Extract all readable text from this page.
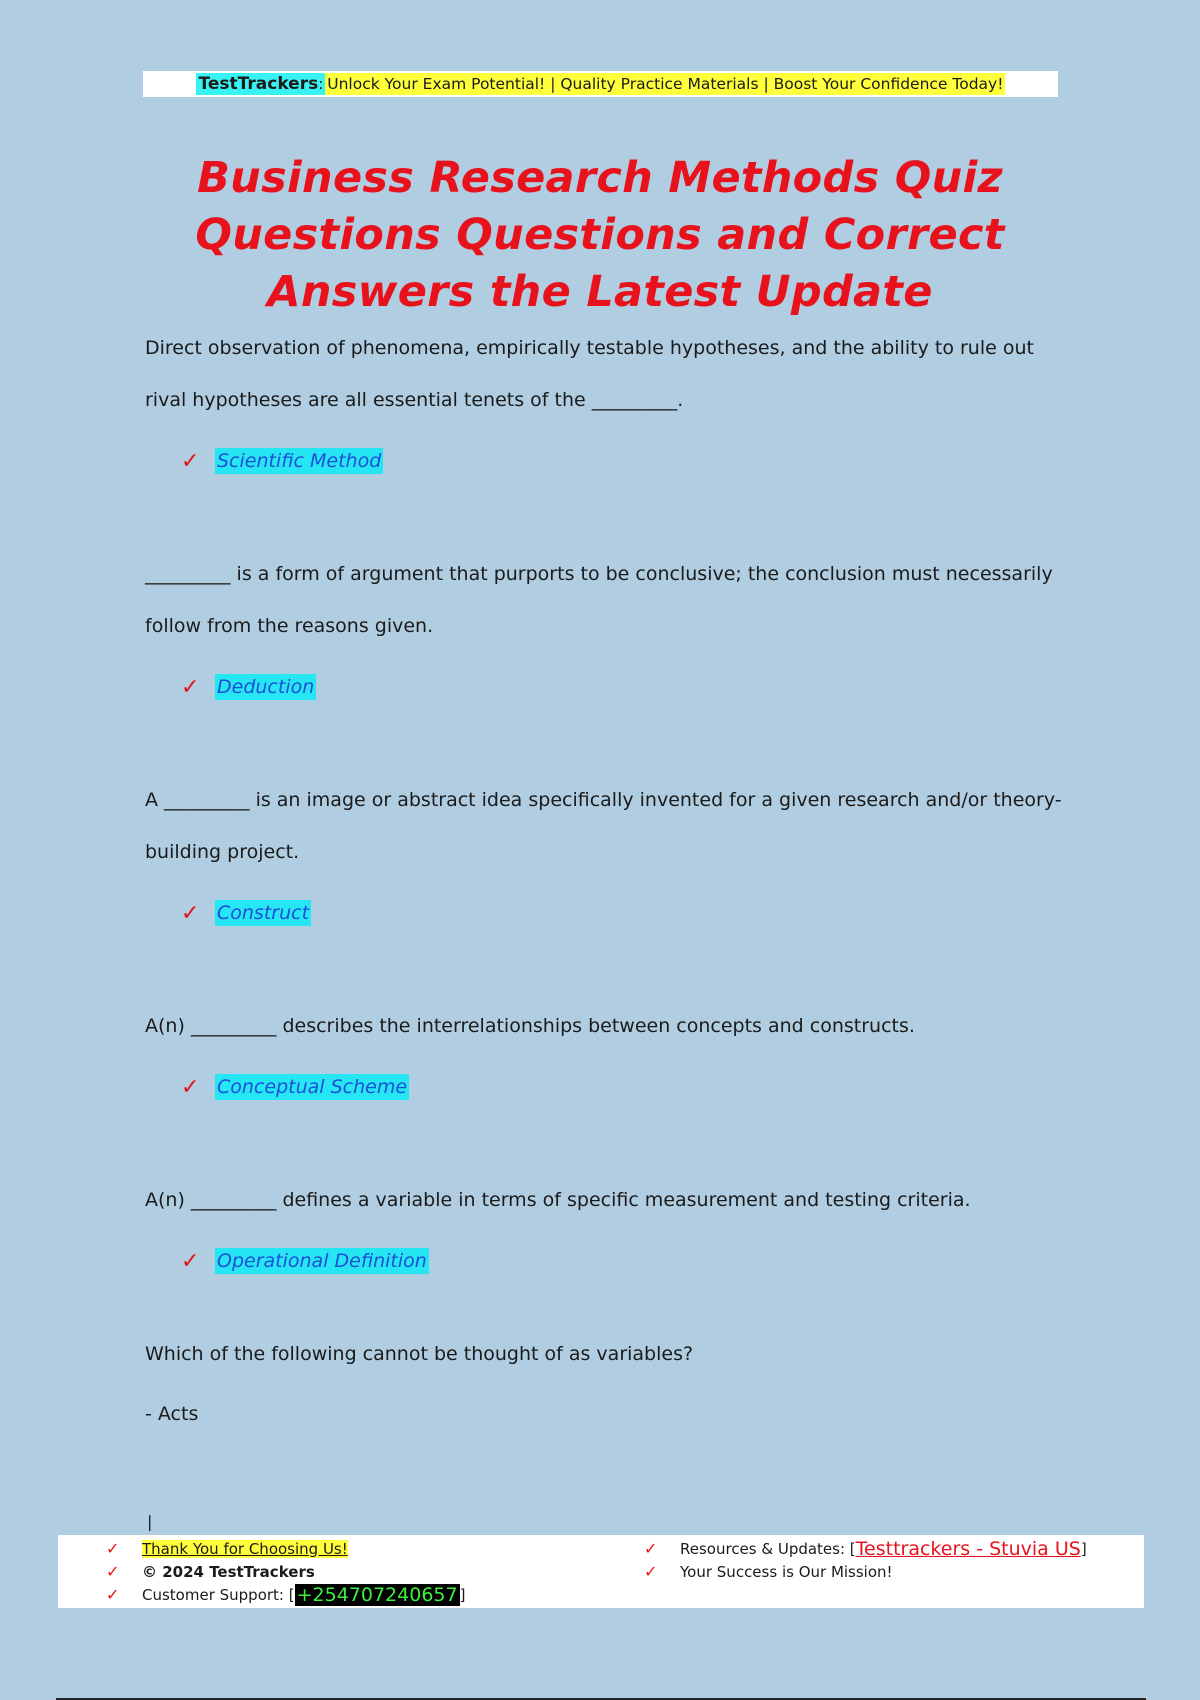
TestTrackers: Unlock Your Exam Potential! | Quality Practice Materials | Boost Your Confidence Today!
Business Research Methods Quiz Questions Questions and Correct Answers the Latest Update

Direct observation of phenomena, empirically testable hypotheses, and the ability to rule out rival hypotheses are all essential tenets of the _________.

✓ Scientific Method

_________ is a form of argument that purports to be conclusive; the conclusion must necessarily follow from the reasons given.

✓ Deduction

A _________ is an image or abstract idea specifically invented for a given research and/or theory-building project.

✓ Construct

A(n) _________ describes the interrelationships between concepts and constructs.

✓ Conceptual Scheme

A(n) _________ defines a variable in terms of specific measurement and testing criteria.

✓ Operational Definition

Which of the following cannot be thought of as variables?

- Acts
|
✓	Thank You for Choosing Us!
✓	© 2024 TestTrackers
✓	Customer Support: [ +254707240657 ]
✓	Resources & Updates: [ Testtrackers - Stuvia US ]
✓	Your Success is Our Mission!
